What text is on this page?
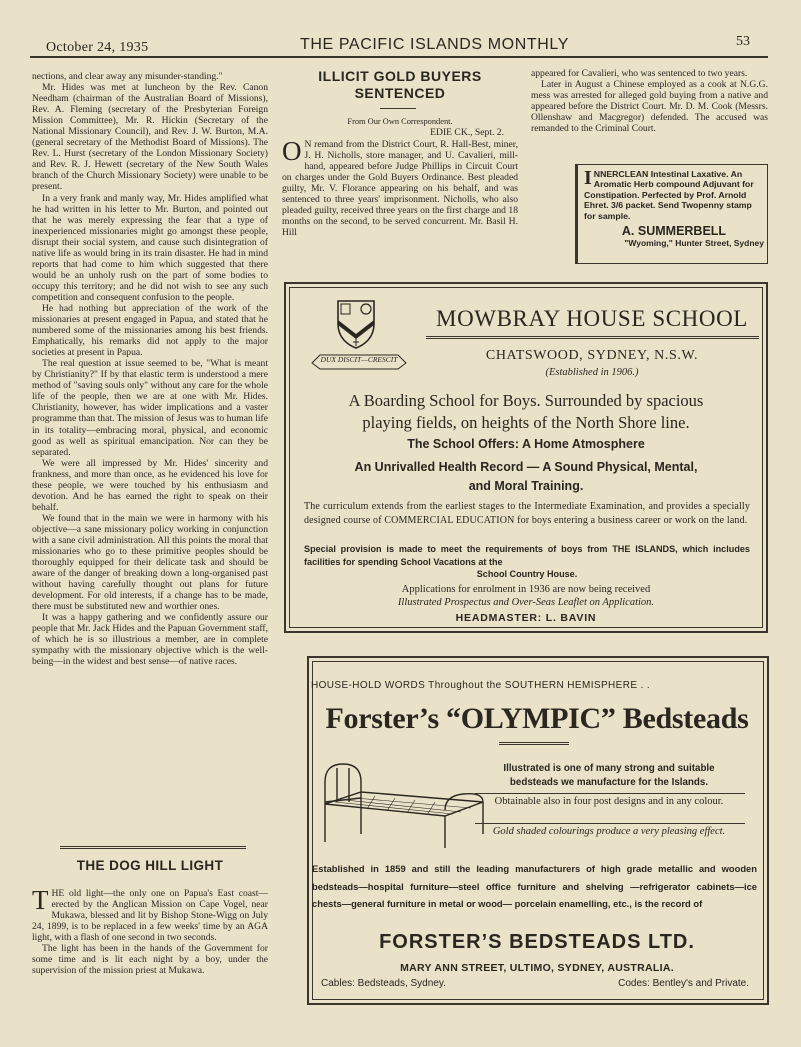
October 24, 1935	THE PACIFIC ISLANDS MONTHLY	53

nections, and clear away any misunder-standing."

Mr. Hides was met at luncheon by the Rev. Canon Needham (chairman of the Australian Board of Missions), Rev. A. Fleming (secretary of the Presbyterian Foreign Mission Committee), Mr. R. Hickin (Secretary of the National Missionary Council), and Rev. J. W. Burton, M.A. (general secretary of the Methodist Board of Missions). The Rev. L. Hurst (secretary of the London Missionary Society) and Rev. R. J. Hewett (secretary of the New South Wales branch of the Church Missionary Society) were unable to be present.

In a very frank and manly way, Mr. Hides amplified what he had written in his letter to Mr. Burton, and pointed out that he was merely expressing the fear that a type of inexperienced missionaries might go amongst these people, disrupt their social system, and cause such disintegration of native life as would bring in its train disaster. He had in mind reports that had come to him which suggested that there would be an unholy rush on the part of some bodies to occupy this territory; and he did not wish to see any such competition and consequent confusion to the people.

He had nothing but appreciation of the work of the missionaries at present engaged in Papua, and stated that he numbered some of the missionaries among his best friends. Emphatically, his remarks did not apply to the major societies at present in Papua.

The real question at issue seemed to be, "What is meant by Christianity?" If by that elastic term is understood a mere method of "saving souls only" without any care for the whole life of the people, then we are at one with Mr. Hides. Christianity, however, has wider implications and a vaster programme than that. The mission of Jesus was to human life in its totality—embracing moral, physical, and economic good as well as spiritual emancipation. Nor can they be separated.

We were all impressed by Mr. Hides' sincerity and frankness, and more than once, as he evidenced his love for these people, we were touched by his enthusiasm and devotion. And he has earned the right to speak on their behalf.

We found that in the main we were in harmony with his objective—a sane missionary policy working in conjunction with a sane civil administration. All this points the moral that missionaries who go to these primitive peoples should be thoroughly equipped for their delicate task and should be aware of the danger of breaking down a long-organised past without having carefully thought out plans for future development. For old interests, if a change has to be made, there must be substituted new and worthier ones.

It was a happy gathering and we confidently assure our people that Mr. Jack Hides and the Papuan Government staff, of which he is so illustrious a member, are in complete sympathy with the missionary objective which is the well-being—in the widest and best sense—of native races.

THE DOG HILL LIGHT

THE old light—the only one on Papua's East coast—erected by the Anglican Mission on Cape Vogel, near Mukawa, blessed and lit by Bishop Stone-Wigg on July 24, 1899, is to be replaced in a few weeks' time by an AGA light, with a flash of one second in two seconds.

The light has been in the hands of the Government for some time and is lit each night by a boy, under the supervision of the mission priest at Mukawa.

ILLICIT GOLD BUYERS SENTENCED
From Our Own Correspondent.
EDIE CK., Sept. 2.
O N remand from the District Court, R. Hall-Best, miner, J. H. Nicholls, store manager, and U. Cavalieri, mill-hand, appeared before Judge Phillips in Circuit Court on charges under the Gold Buyers Ordinance. Best pleaded guilty, Mr. V. Florance appearing on his behalf, and was sentenced to three years' imprisonment. Nicholls, who also pleaded guilty, received three years on the first charge and 18 months on the second, to be served concurrent. Mr. Basil H. Hill

appeared for Cavalieri, who was sentenced to two years.

Later in August a Chinese employed as a cook at N.G.G. mess was arrested for alleged gold buying from a native and appeared before the District Court. Mr. D. M. Cook (Messrs. Ollenshaw and Macgregor) defended. The accused was remanded to the Criminal Court.

INNERCLEAN Intestinal Laxative. An Aromatic Herb compound Adjuvant for Constipation. Perfected by Prof. Arnold Ehret. 3/6 packet. Send Twopenny stamp for sample.
A. SUMMERBELL
"Wyoming," Hunter Street, Sydney
DUX DISCIT—CRESCIT
MOWBRAY HOUSE SCHOOL
CHATSWOOD, SYDNEY, N.S.W.
(Established in 1906.)
A Boarding School for Boys. Surrounded by spacious
playing fields, on heights of the North Shore line.
The School Offers: A Home Atmosphere
An Unrivalled Health Record — A Sound Physical, Mental,
and Moral Training.
The curriculum extends from the earliest stages to the Intermediate Examination, and provides a specially designed course of COMMERCIAL EDUCATION for boys entering a business career or work on the land.
Special provision is made to meet the requirements of boys from THE ISLANDS, which includes facilities for spending School Vacations at the
School Country House.
Applications for enrolment in 1936 are now being received
Illustrated Prospectus and Over-Seas Leaflet on Application.
HEADMASTER: L. BAVIN
HOUSE-HOLD WORDS Throughout the SOUTHERN HEMISPHERE . .
Forster’s “OLYMPIC” Bedsteads
Illustrated is one of many strong and suitable
bedsteads we manufacture for the Islands.
Obtainable also in four post designs and in any colour.
Gold shaded colourings produce a very pleasing effect.
Established in 1859 and still the leading manufacturers of high grade metallic and wooden bedsteads—hospital furniture—steel office furniture and shelving —refrigerator cabinets—ice chests—general furniture in metal or wood— porcelain enamelling, etc., is the record of
FORSTER’S BEDSTEADS LTD.
MARY ANN STREET, ULTIMO, SYDNEY, AUSTRALIA.
Cables: Bedsteads, Sydney.	Codes: Bentley's and Private.
